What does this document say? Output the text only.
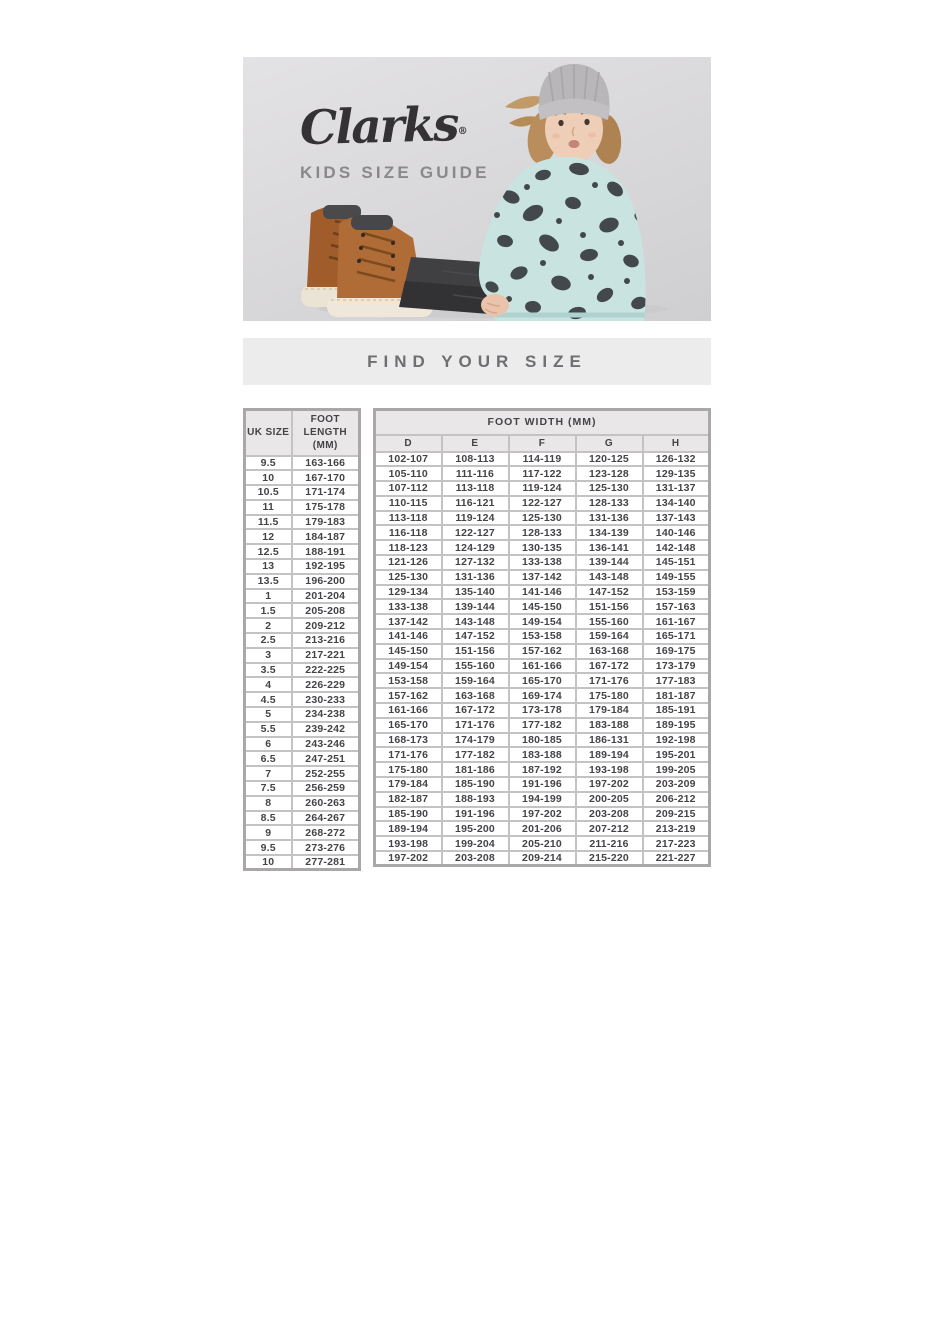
Clarks®
KIDS SIZE GUIDE
FIND YOUR SIZE
UK SIZE	FOOT LENGTH (MM)
9.5	163-166
10	167-170
10.5	171-174
11	175-178
11.5	179-183
12	184-187
12.5	188-191
13	192-195
13.5	196-200
1	201-204
1.5	205-208
2	209-212
2.5	213-216
3	217-221
3.5	222-225
4	226-229
4.5	230-233
5	234-238
5.5	239-242
6	243-246
6.5	247-251
7	252-255
7.5	256-259
8	260-263
8.5	264-267
9	268-272
9.5	273-276
10	277-281
FOOT WIDTH (MM)				
D	E	F	G	H
102-107	108-113	114-119	120-125	126-132
105-110	111-116	117-122	123-128	129-135
107-112	113-118	119-124	125-130	131-137
110-115	116-121	122-127	128-133	134-140
113-118	119-124	125-130	131-136	137-143
116-118	122-127	128-133	134-139	140-146
118-123	124-129	130-135	136-141	142-148
121-126	127-132	133-138	139-144	145-151
125-130	131-136	137-142	143-148	149-155
129-134	135-140	141-146	147-152	153-159
133-138	139-144	145-150	151-156	157-163
137-142	143-148	149-154	155-160	161-167
141-146	147-152	153-158	159-164	165-171
145-150	151-156	157-162	163-168	169-175
149-154	155-160	161-166	167-172	173-179
153-158	159-164	165-170	171-176	177-183
157-162	163-168	169-174	175-180	181-187
161-166	167-172	173-178	179-184	185-191
165-170	171-176	177-182	183-188	189-195
168-173	174-179	180-185	186-131	192-198
171-176	177-182	183-188	189-194	195-201
175-180	181-186	187-192	193-198	199-205
179-184	185-190	191-196	197-202	203-209
182-187	188-193	194-199	200-205	206-212
185-190	191-196	197-202	203-208	209-215
189-194	195-200	201-206	207-212	213-219
193-198	199-204	205-210	211-216	217-223
197-202	203-208	209-214	215-220	221-227
